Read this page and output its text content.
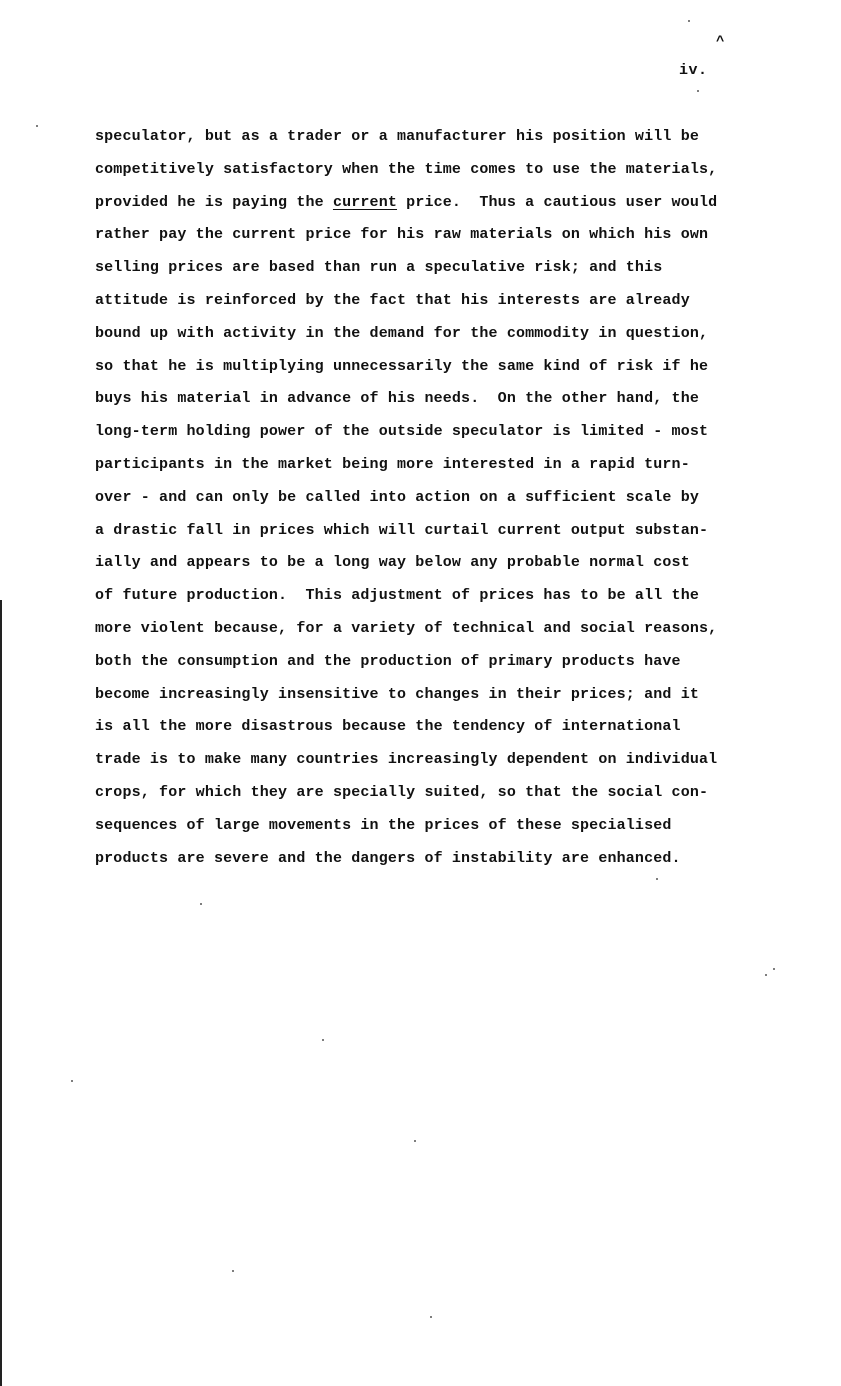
^
iv.
speculator, but as a trader or a manufacturer his position will be
competitively satisfactory when the time comes to use the materials,
provided he is paying the current price.  Thus a cautious user would
rather pay the current price for his raw materials on which his own
selling prices are based than run a speculative risk; and this
attitude is reinforced by the fact that his interests are already
bound up with activity in the demand for the commodity in question,
so that he is multiplying unnecessarily the same kind of risk if he
buys his material in advance of his needs.  On the other hand, the
long-term holding power of the outside speculator is limited - most
participants in the market being more interested in a rapid turn-
over - and can only be called into action on a sufficient scale by
a drastic fall in prices which will curtail current output substan-
ially and appears to be a long way below any probable normal cost
of future production.  This adjustment of prices has to be all the
more violent because, for a variety of technical and social reasons,
both the consumption and the production of primary products have
become increasingly insensitive to changes in their prices; and it
is all the more disastrous because the tendency of international
trade is to make many countries increasingly dependent on individual
crops, for which they are specially suited, so that the social con-
sequences of large movements in the prices of these specialised
products are severe and the dangers of instability are enhanced.
